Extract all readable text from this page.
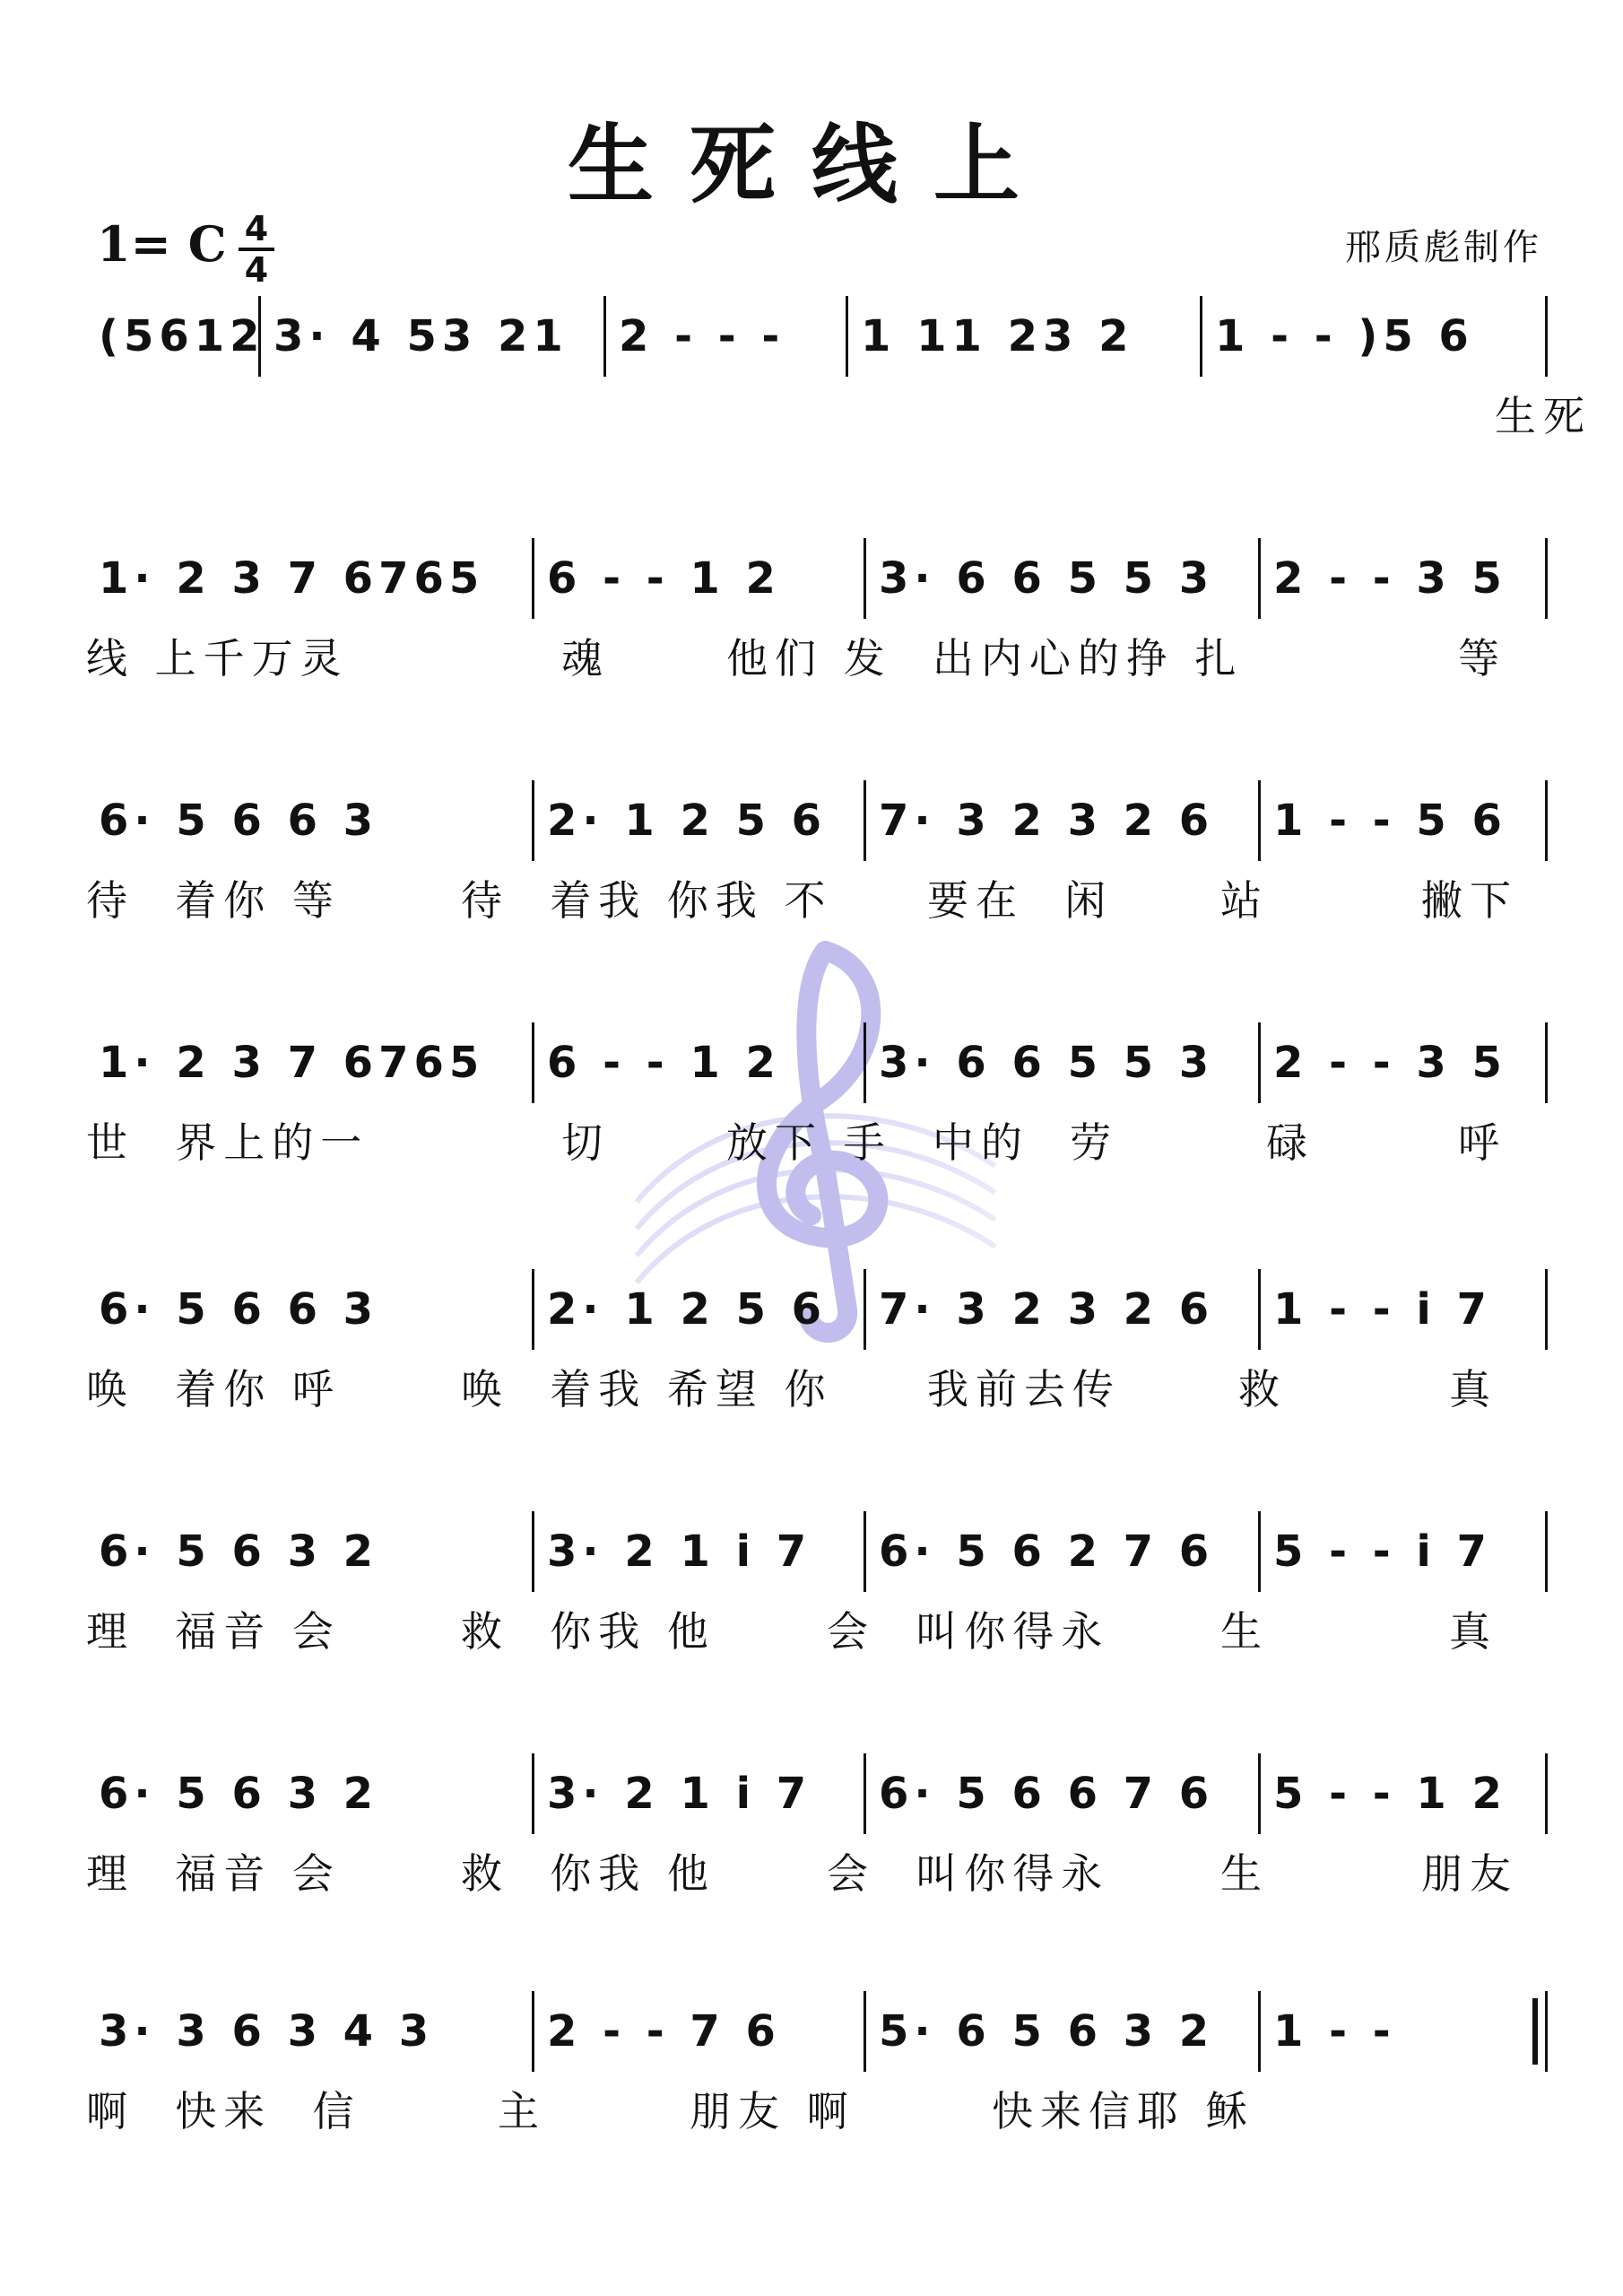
生死线上
1= C 4
4
邢质彪制作
(5612 3· 4 53 21	2 - - -	1 11 23 2	1 - - )5 6
生死
1· 2 3 7 6765	6 - - 1 2	3· 6 6 5 5 3	2 - - 3 5
线 上千万灵	魂	他们 发  出内心的挣 扎	等
6· 5 6 6 3	2· 1 2 5 6	7· 3 2 3 2 6	1 - - 5 6
待  着你 等	待  着我 你我 不 要在  闲	站	撇下
1· 2 3 7 6765	6 - - 1 2	3· 6 6 5 5 3	2 - - 3 5
世  界上的一	切	放下 手  中的  劳	碌	呼
6· 5 6 6 3	2· 1 2 5 6	7· 3 2 3 2 6	1 - - i 7
唤  着你 呼	唤  着我 希望 你 我前去传	救	真
6· 5 6 3 2	3· 2 1 i 7	6· 5 6 2 7 6	5 - - i 7
理  福音 会	救  你我 他	会  叫你得永	生	真
6· 5 6 3 2	3· 2 1 i 7	6· 5 6 6 7 6	5 - - 1 2
理  福音 会	救  你我 他	会  叫你得永	生	朋友
3· 3 6 3 4 3	2 - - 7 6	5· 6 5 6 3 2	1 - -
啊  快来  信	主	朋友 啊	快来信耶 稣
